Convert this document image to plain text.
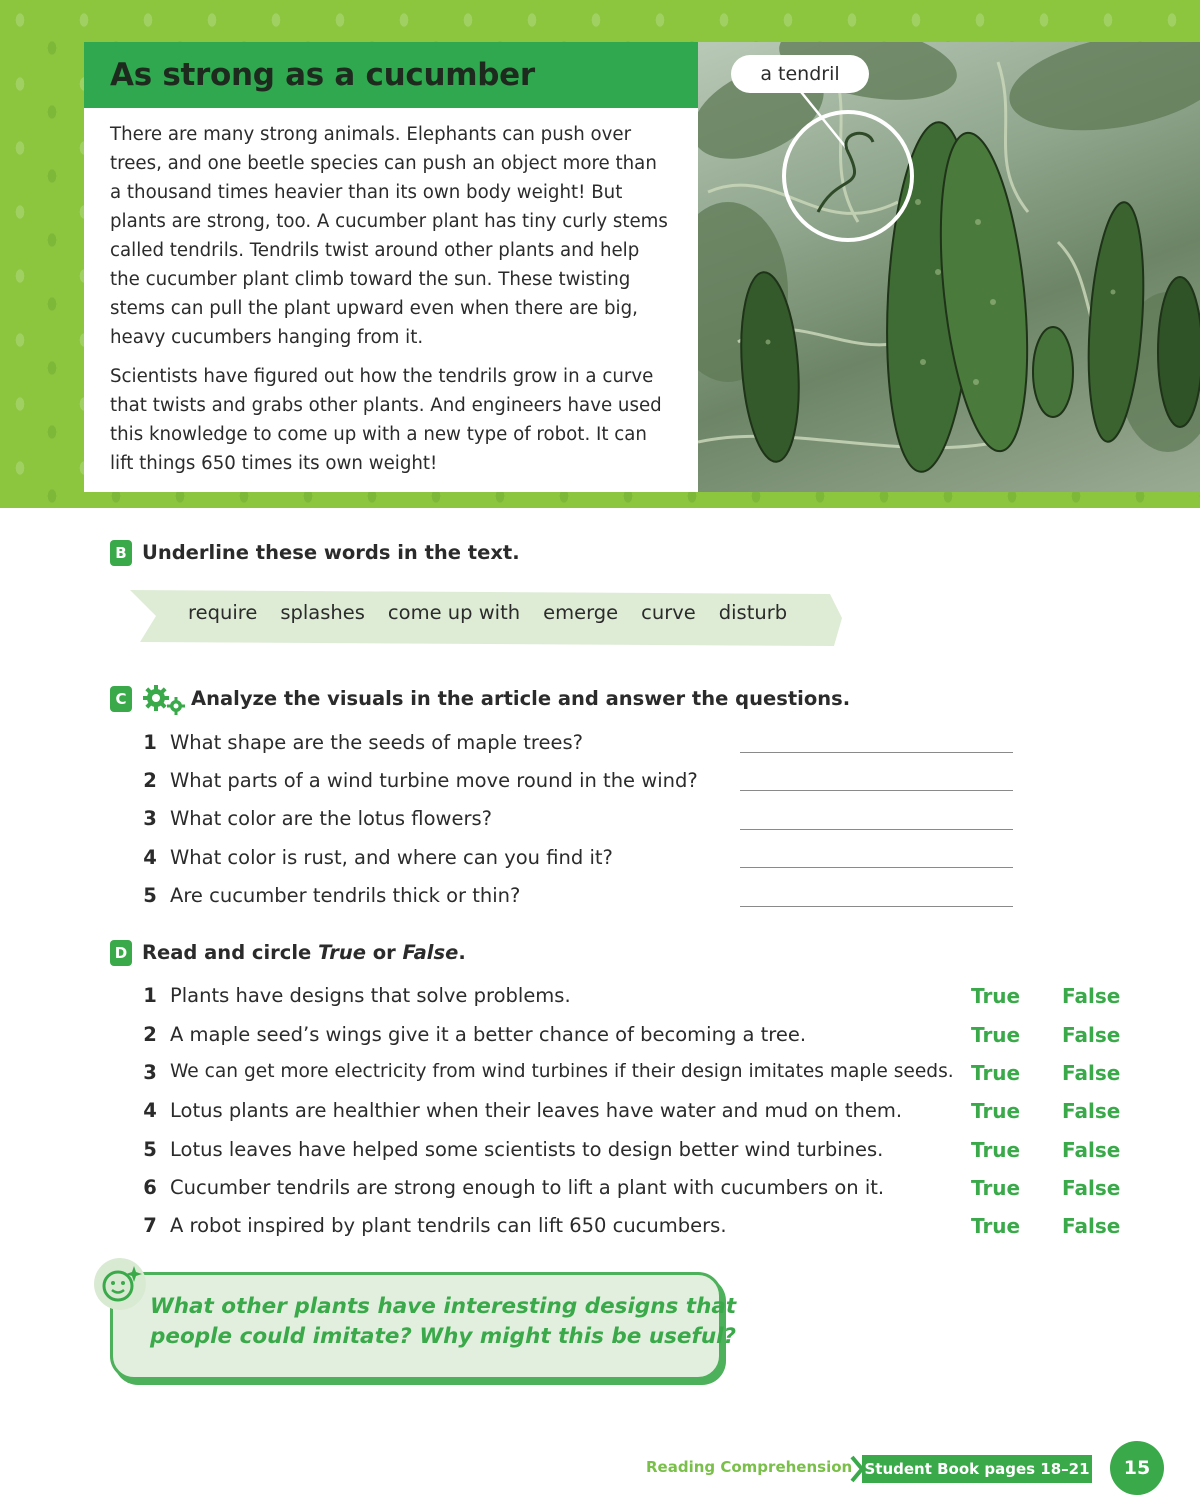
As strong as a cucumber

There are many strong animals. Elephants can push over trees, and one beetle species can push an object more than a thousand times heavier than its own body weight! But plants are strong, too. A cucumber plant has tiny curly stems called tendrils. Tendrils twist around other plants and help the cucumber plant climb toward the sun. These twisting stems can pull the plant upward even when there are big, heavy cucumbers hanging from it.

Scientists have figured out how the tendrils grow in a curve that twists and grabs other plants. And engineers have used this knowledge to come up with a new type of robot. It can lift things 650 times its own weight!

a tendril
B Underline these words in the text.
require splashes come up with emerge curve disturb
C	Analyze the visuals in the article and answer the questions.
1 What shape are the seeds of maple trees?
2 What parts of a wind turbine move round in the wind?
3 What color are the lotus flowers?
4 What color is rust, and where can you find it?
5 Are cucumber tendrils thick or thin?
D Read and circle True or False.
1 Plants have designs that solve problems.	True False
2 A maple seed’s wings give it a better chance of becoming a tree.	True False
3 We can get more electricity from wind turbines if their design imitates maple seeds. True False
4 Lotus plants are healthier when their leaves have water and mud on them.	True False
5 Lotus leaves have helped some scientists to design better wind turbines.	True False
6 Cucumber tendrils are strong enough to lift a plant with cucumbers on it.	True False
7 A robot inspired by plant tendrils can lift 650 cucumbers.	True False
What other plants have interesting designs that
people could imitate? Why might this be useful?
Reading Comprehension Student Book pages 18–21	15
